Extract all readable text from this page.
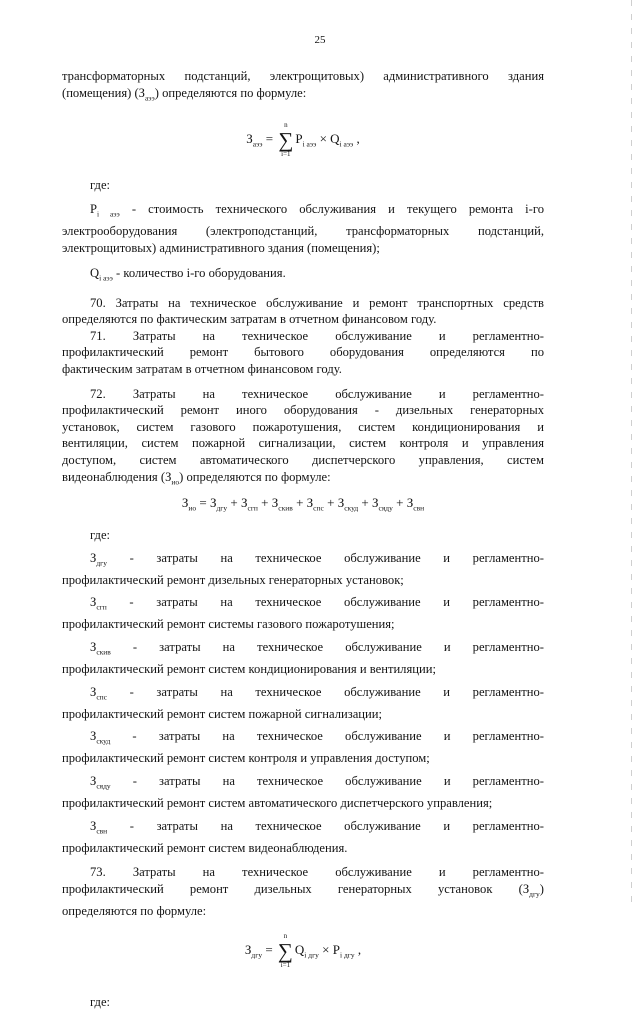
25

трансформаторных подстанций, электрощитовых) административного здания

(помещения) $(З_{аээ})$ определяются по формуле:

$З_{аээ}$ =
n
∑
i=1
$P_{i аээ} \times Q_{i аээ}$ ,

где:

$P_{i аээ}$ - стоимость технического обслуживания и текущего ремонта i-го

электрооборудования (электроподстанций, трансформаторных подстанций,

электрощитовых) административного здания (помещения);

$Q_{i аээ}$ - количество i-го оборудования.

70. Затраты на техническое обслуживание и ремонт транспортных средств

определяются по фактическим затратам в отчетном финансовом году.

71. Затраты на техническое обслуживание и регламентно-

профилактический ремонт бытового оборудования определяются по

фактическим затратам в отчетном финансовом году.

72. Затраты на техническое обслуживание и регламентно-

профилактический ремонт иного оборудования - дизельных генераторных

установок, систем газового пожаротушения, систем кондиционирования и

вентиляции, систем пожарной сигнализации, систем контроля и управления

доступом, систем автоматического диспетчерского управления, систем

видеонаблюдения $(З_{ио})$ определяются по формуле:

$З_{ио} = З_{дгу} + З_{сгп} + З_{скив} + З_{спс} + З_{скуд} + З_{сяду} + З_{свн}$

где:

$З_{дгу}$ - затраты на техническое обслуживание и регламентно-

профилактический ремонт дизельных генераторных установок;

$З_{сгп}$ - затраты на техническое обслуживание и регламентно-

профилактический ремонт системы газового пожаротушения;

$З_{скив}$ - затраты на техническое обслуживание и регламентно-

профилактический ремонт систем кондиционирования и вентиляции;

$З_{спс}$ - затраты на техническое обслуживание и регламентно-

профилактический ремонт систем пожарной сигнализации;

$З_{скуд}$ - затраты на техническое обслуживание и регламентно-

профилактический ремонт систем контроля и управления доступом;

$З_{сяду}$ - затраты на техническое обслуживание и регламентно-

профилактический ремонт систем автоматического диспетчерского управления;

$З_{свн}$ - затраты на техническое обслуживание и регламентно-

профилактический ремонт систем видеонаблюдения.

73. Затраты на техническое обслуживание и регламентно-

профилактический ремонт дизельных генераторных установок $(З_{дгу})$

определяются по формуле:

$З_{дгу}$ =
n
∑
i=1
$Q_{i дгу} \times P_{i дгу}$ ,

где:
